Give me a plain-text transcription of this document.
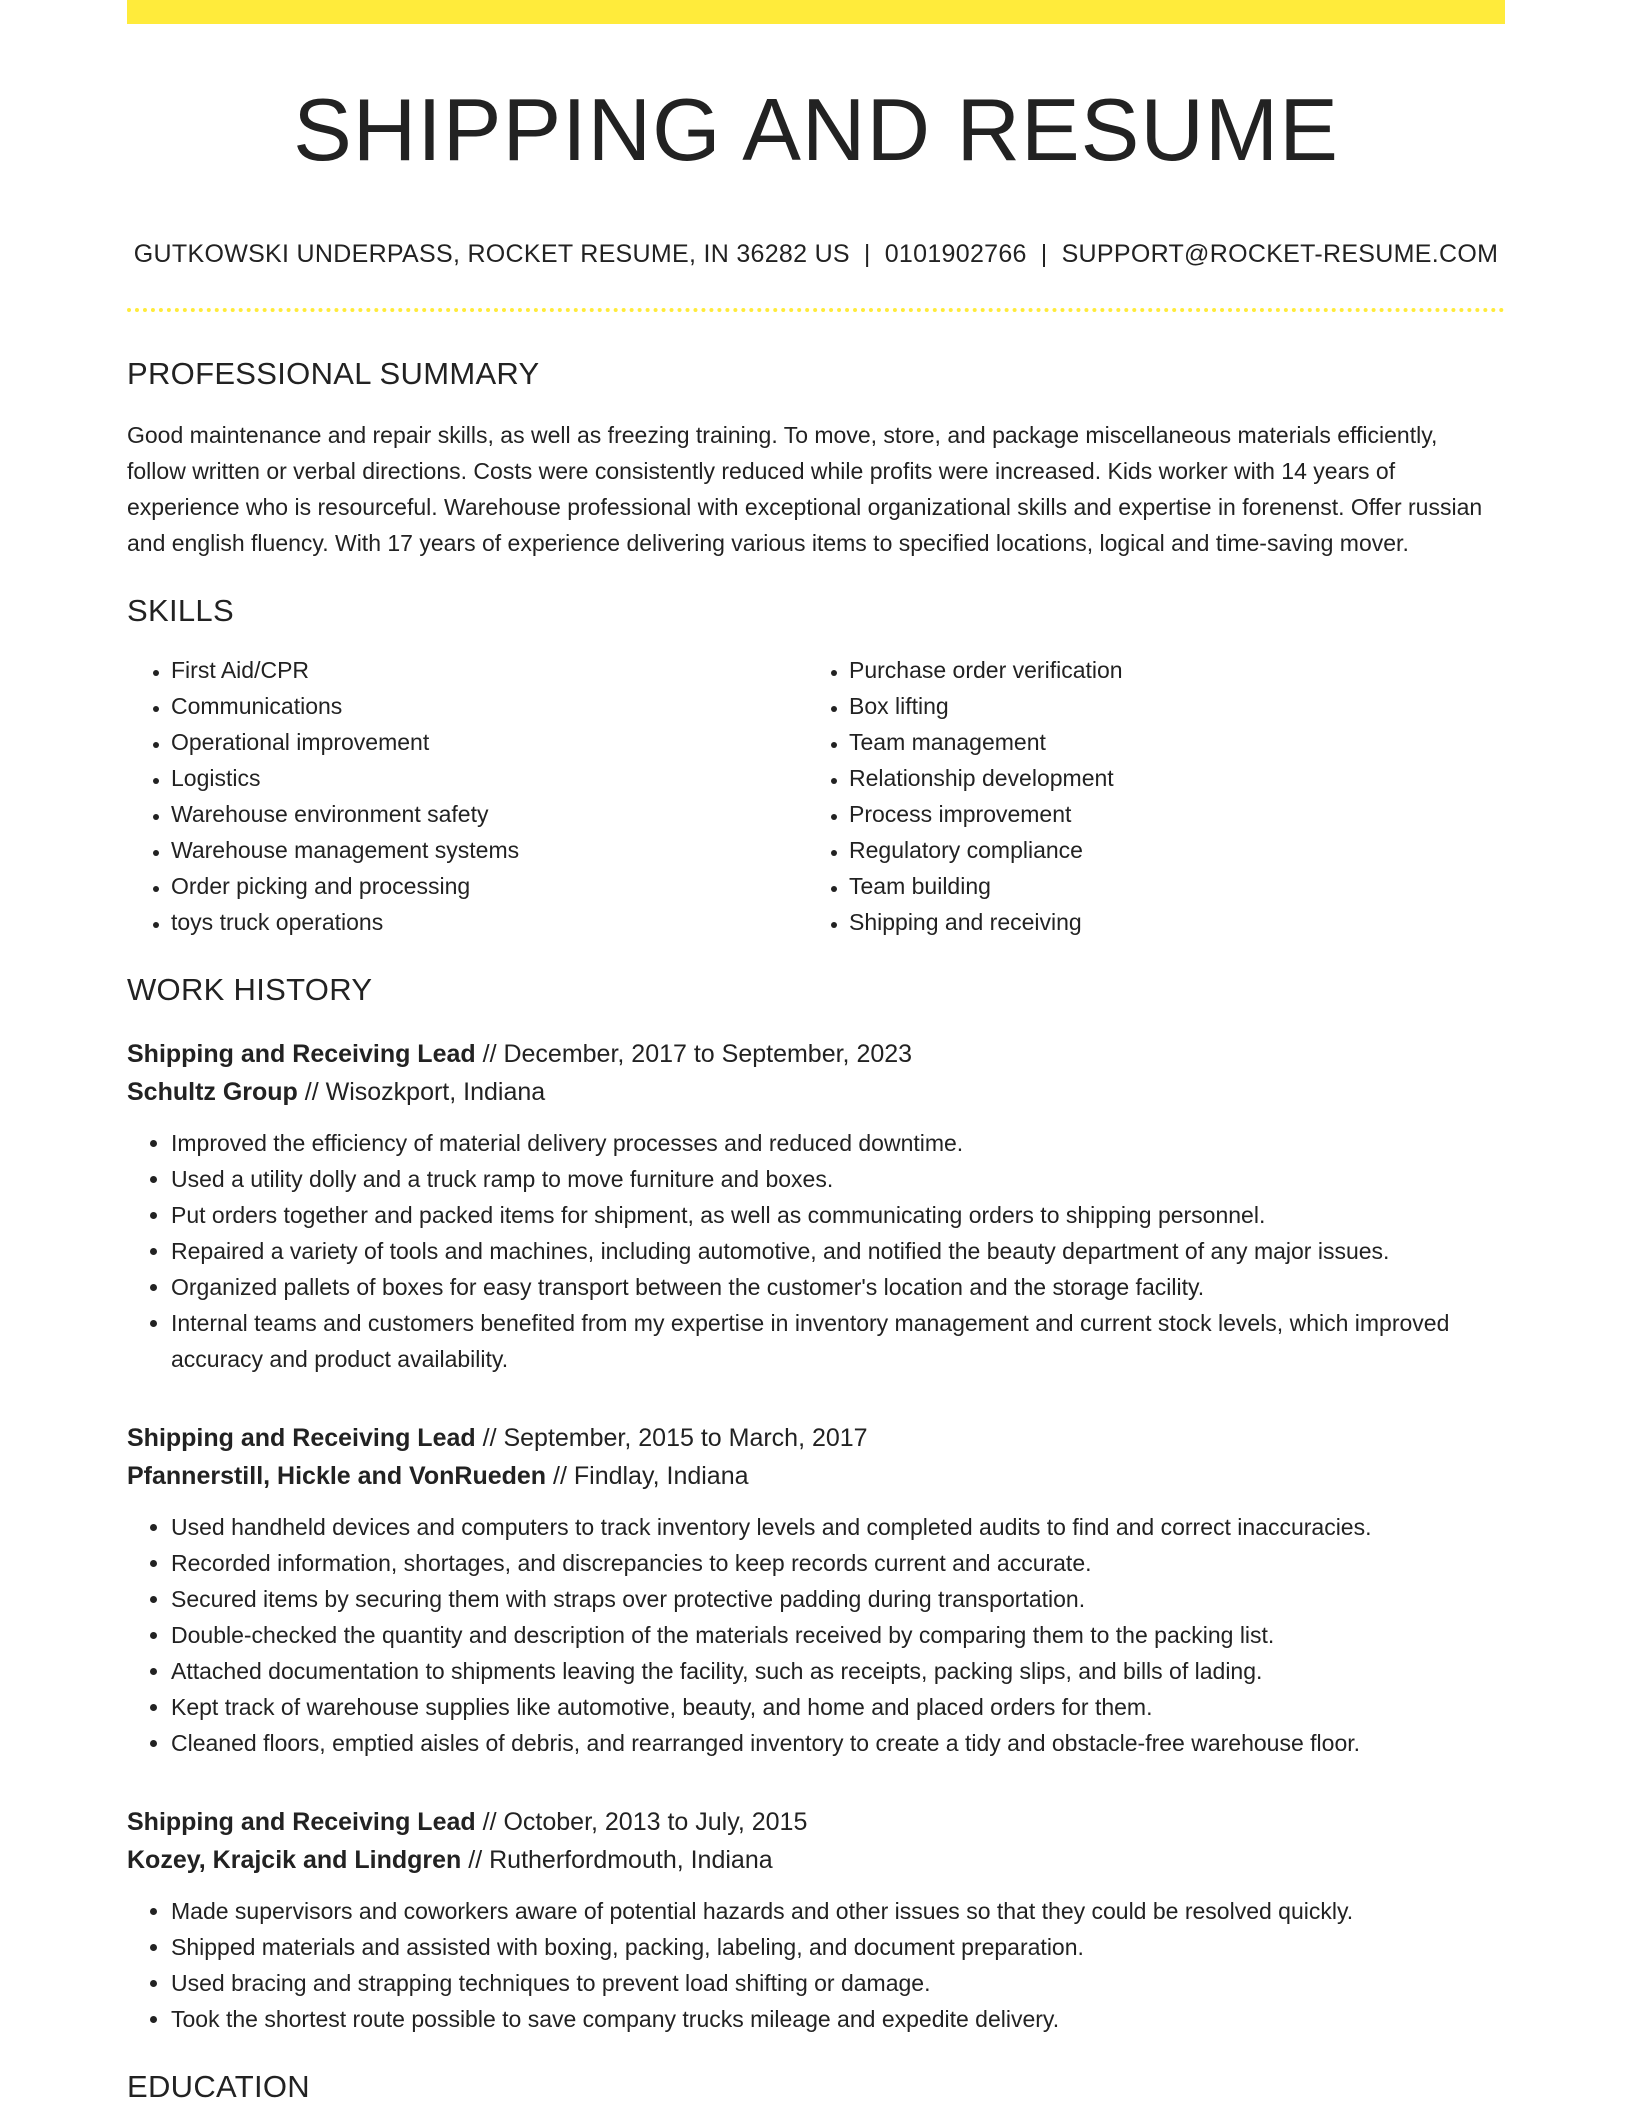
SHIPPING AND RESUME
GUTKOWSKI UNDERPASS, ROCKET RESUME, IN 36282 US | 0101902766 | SUPPORT@ROCKET-RESUME.COM
PROFESSIONAL SUMMARY

Good maintenance and repair skills, as well as freezing training. To move, store, and package miscellaneous materials efficiently, follow written or verbal directions. Costs were consistently reduced while profits were increased. Kids worker with 14 years of experience who is resourceful. Warehouse professional with exceptional organizational skills and expertise in forenenst. Offer russian and english fluency. With 17 years of experience delivering various items to specified locations, logical and time-saving mover.

SKILLS
• First Aid/CPR
• Communications
• Operational improvement
• Logistics
• Warehouse environment safety
• Warehouse management systems
• Order picking and processing
• toys truck operations
• Purchase order verification
• Box lifting
• Team management
• Relationship development
• Process improvement
• Regulatory compliance
• Team building
• Shipping and receiving
WORK HISTORY
Shipping and Receiving Lead // December, 2017 to September, 2023
Schultz Group // Wisozkport, Indiana
• Improved the efficiency of material delivery processes and reduced downtime.
• Used a utility dolly and a truck ramp to move furniture and boxes.
• Put orders together and packed items for shipment, as well as communicating orders to shipping personnel.
• Repaired a variety of tools and machines, including automotive, and notified the beauty department of any major issues.
• Organized pallets of boxes for easy transport between the customer's location and the storage facility.
• Internal teams and customers benefited from my expertise in inventory management and current stock levels, which improved accuracy and product availability.
Shipping and Receiving Lead // September, 2015 to March, 2017
Pfannerstill, Hickle and VonRueden // Findlay, Indiana
• Used handheld devices and computers to track inventory levels and completed audits to find and correct inaccuracies.
• Recorded information, shortages, and discrepancies to keep records current and accurate.
• Secured items by securing them with straps over protective padding during transportation.
• Double-checked the quantity and description of the materials received by comparing them to the packing list.
• Attached documentation to shipments leaving the facility, such as receipts, packing slips, and bills of lading.
• Kept track of warehouse supplies like automotive, beauty, and home and placed orders for them.
• Cleaned floors, emptied aisles of debris, and rearranged inventory to create a tidy and obstacle-free warehouse floor.
Shipping and Receiving Lead // October, 2013 to July, 2015
Kozey, Krajcik and Lindgren // Rutherfordmouth, Indiana
• Made supervisors and coworkers aware of potential hazards and other issues so that they could be resolved quickly.
• Shipped materials and assisted with boxing, packing, labeling, and document preparation.
• Used bracing and strapping techniques to prevent load shifting or damage.
• Took the shortest route possible to save company trucks mileage and expedite delivery.
EDUCATION
